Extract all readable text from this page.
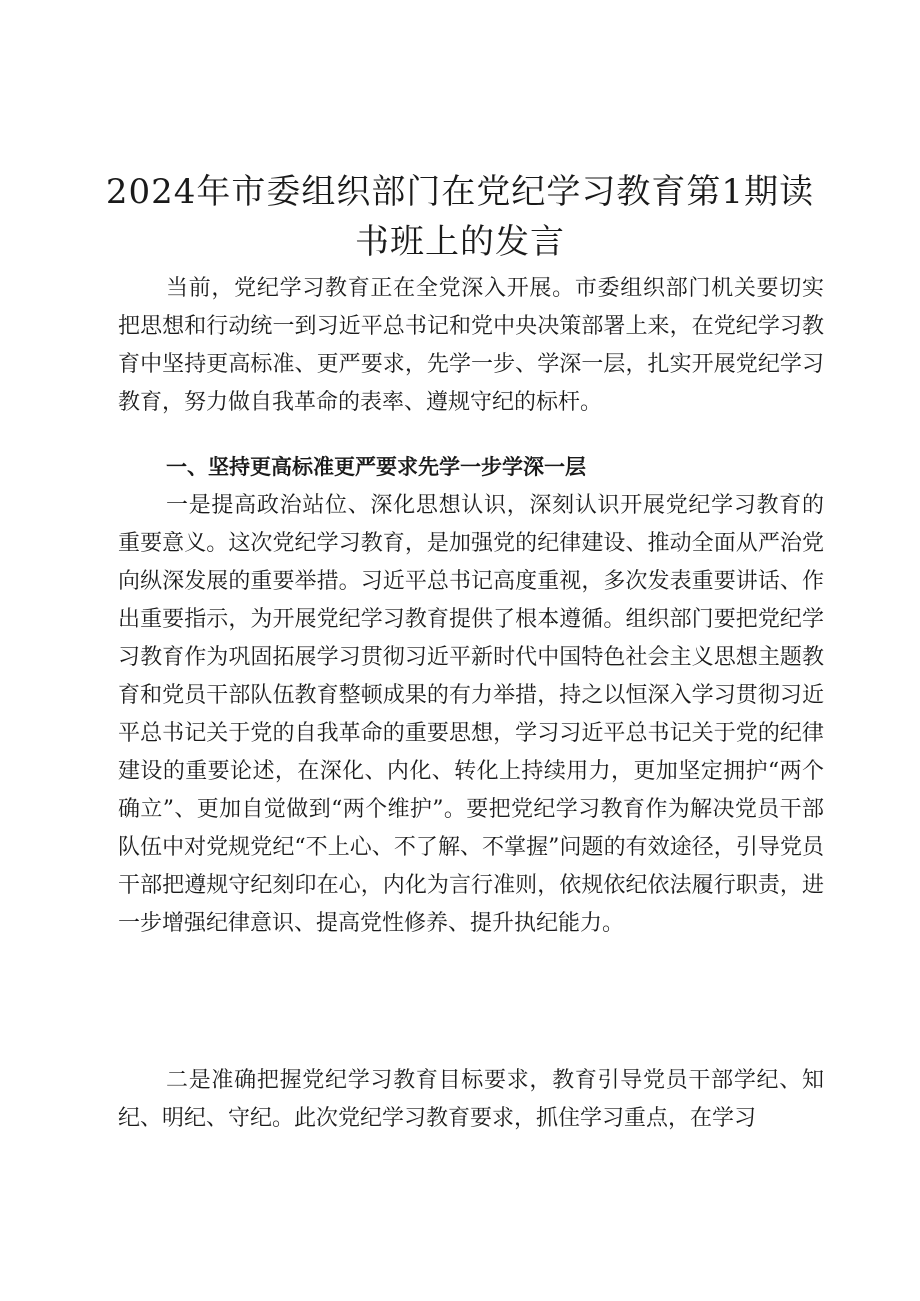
2024年市委组织部门在党纪学习教育第1期读
书班上的发言

当前，党纪学习教育正在全党深入开展。市委组织部门机关要切实把思想和行动统一到习近平总书记和党中央决策部署上来，在党纪学习教育中坚持更高标准、更严要求，先学一步、学深一层，扎实开展党纪学习教育，努力做自我革命的表率、遵规守纪的标杆。

一、坚持更高标准更严要求先学一步学深一层

一是提高政治站位、深化思想认识，深刻认识开展党纪学习教育的重要意义。这次党纪学习教育，是加强党的纪律建设、推动全面从严治党向纵深发展的重要举措。习近平总书记高度重视，多次发表重要讲话、作出重要指示，为开展党纪学习教育提供了根本遵循。组织部门要把党纪学习教育作为巩固拓展学习贯彻习近平新时代中国特色社会主义思想主题教育和党员干部队伍教育整顿成果的有力举措，持之以恒深入学习贯彻习近平总书记关于党的自我革命的重要思想，学习习近平总书记关于党的纪律建设的重要论述，在深化、内化、转化上持续用力，更加坚定拥护“两个确立”、更加自觉做到“两个维护”。要把党纪学习教育作为解决党员干部队伍中对党规党纪“不上心、不了解、不掌握”问题的有效途径，引导党员干部把遵规守纪刻印在心，内化为言行准则，依规依纪依法履行职责，进一步增强纪律意识、提高党性修养、提升执纪能力。

二是准确把握党纪学习教育目标要求，教育引导党员干部学纪、知纪、明纪、守纪。此次党纪学习教育要求，抓住学习重点，在学习
